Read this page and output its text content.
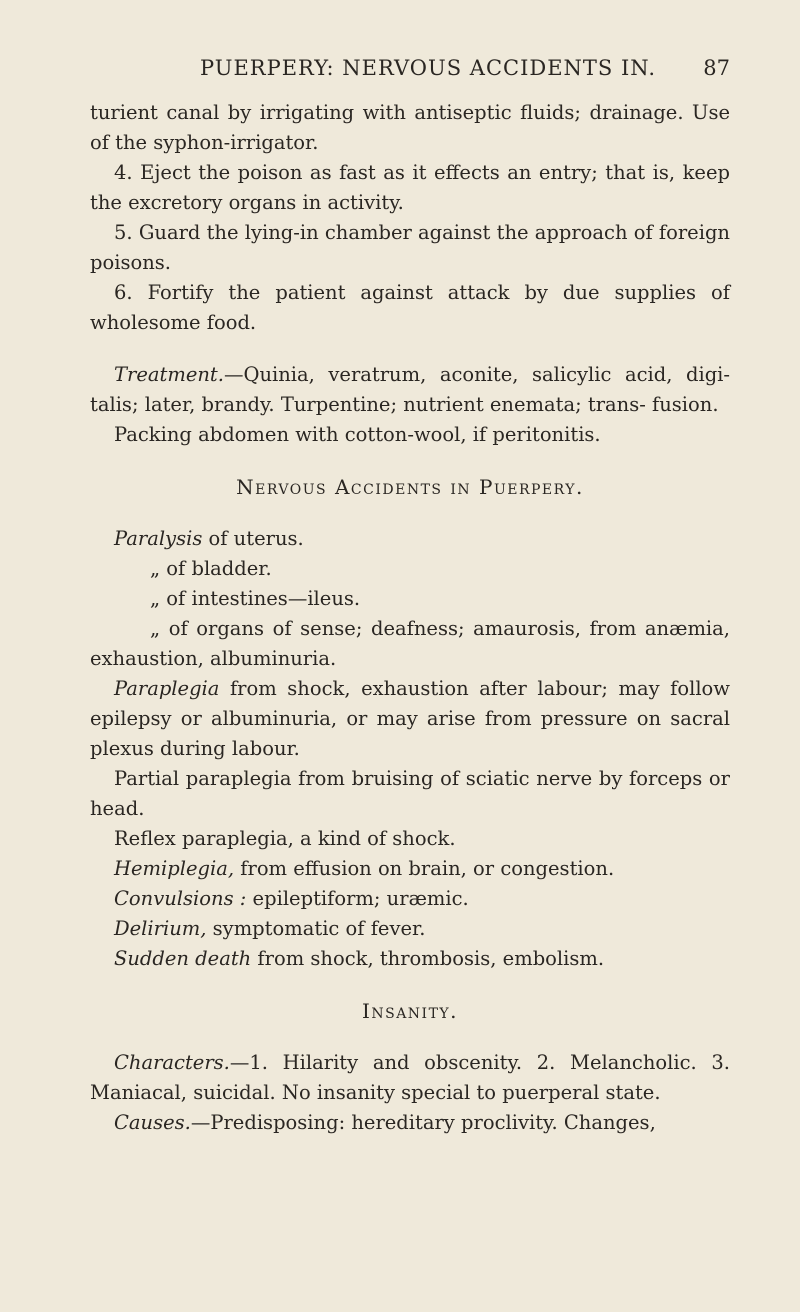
PUERPERY: NERVOUS ACCIDENTS IN. 87

turient canal by irrigating with antiseptic fluids; drainage. Use of the syphon-irrigator.

4. Eject the poison as fast as it effects an entry; that is, keep the excretory organs in activity.

5. Guard the lying-in chamber against the approach of foreign poisons.

6. Fortify the patient against attack by due supplies of wholesome food.

Treatment.—Quinia, veratrum, aconite, salicylic acid, digi- talis; later, brandy. Turpentine; nutrient enemata; trans- fusion.

Packing abdomen with cotton-wool, if peritonitis.

Nervous Accidents in Puerpery.

Paralysis of uterus.

„ of bladder.

„ of intestines—ileus.

„ of organs of sense; deafness; amaurosis, from anæmia, exhaustion, albuminuria.

Paraplegia from shock, exhaustion after labour; may follow epilepsy or albuminuria, or may arise from pressure on sacral plexus during labour.

Partial paraplegia from bruising of sciatic nerve by forceps or head.

Reflex paraplegia, a kind of shock.

Hemiplegia, from effusion on brain, or congestion.

Convulsions : epileptiform; uræmic.

Delirium, symptomatic of fever.

Sudden death from shock, thrombosis, embolism.

Insanity.

Characters.—1. Hilarity and obscenity. 2. Melancholic. 3. Maniacal, suicidal. No insanity special to puerperal state.

Causes.—Predisposing: hereditary proclivity. Changes,
